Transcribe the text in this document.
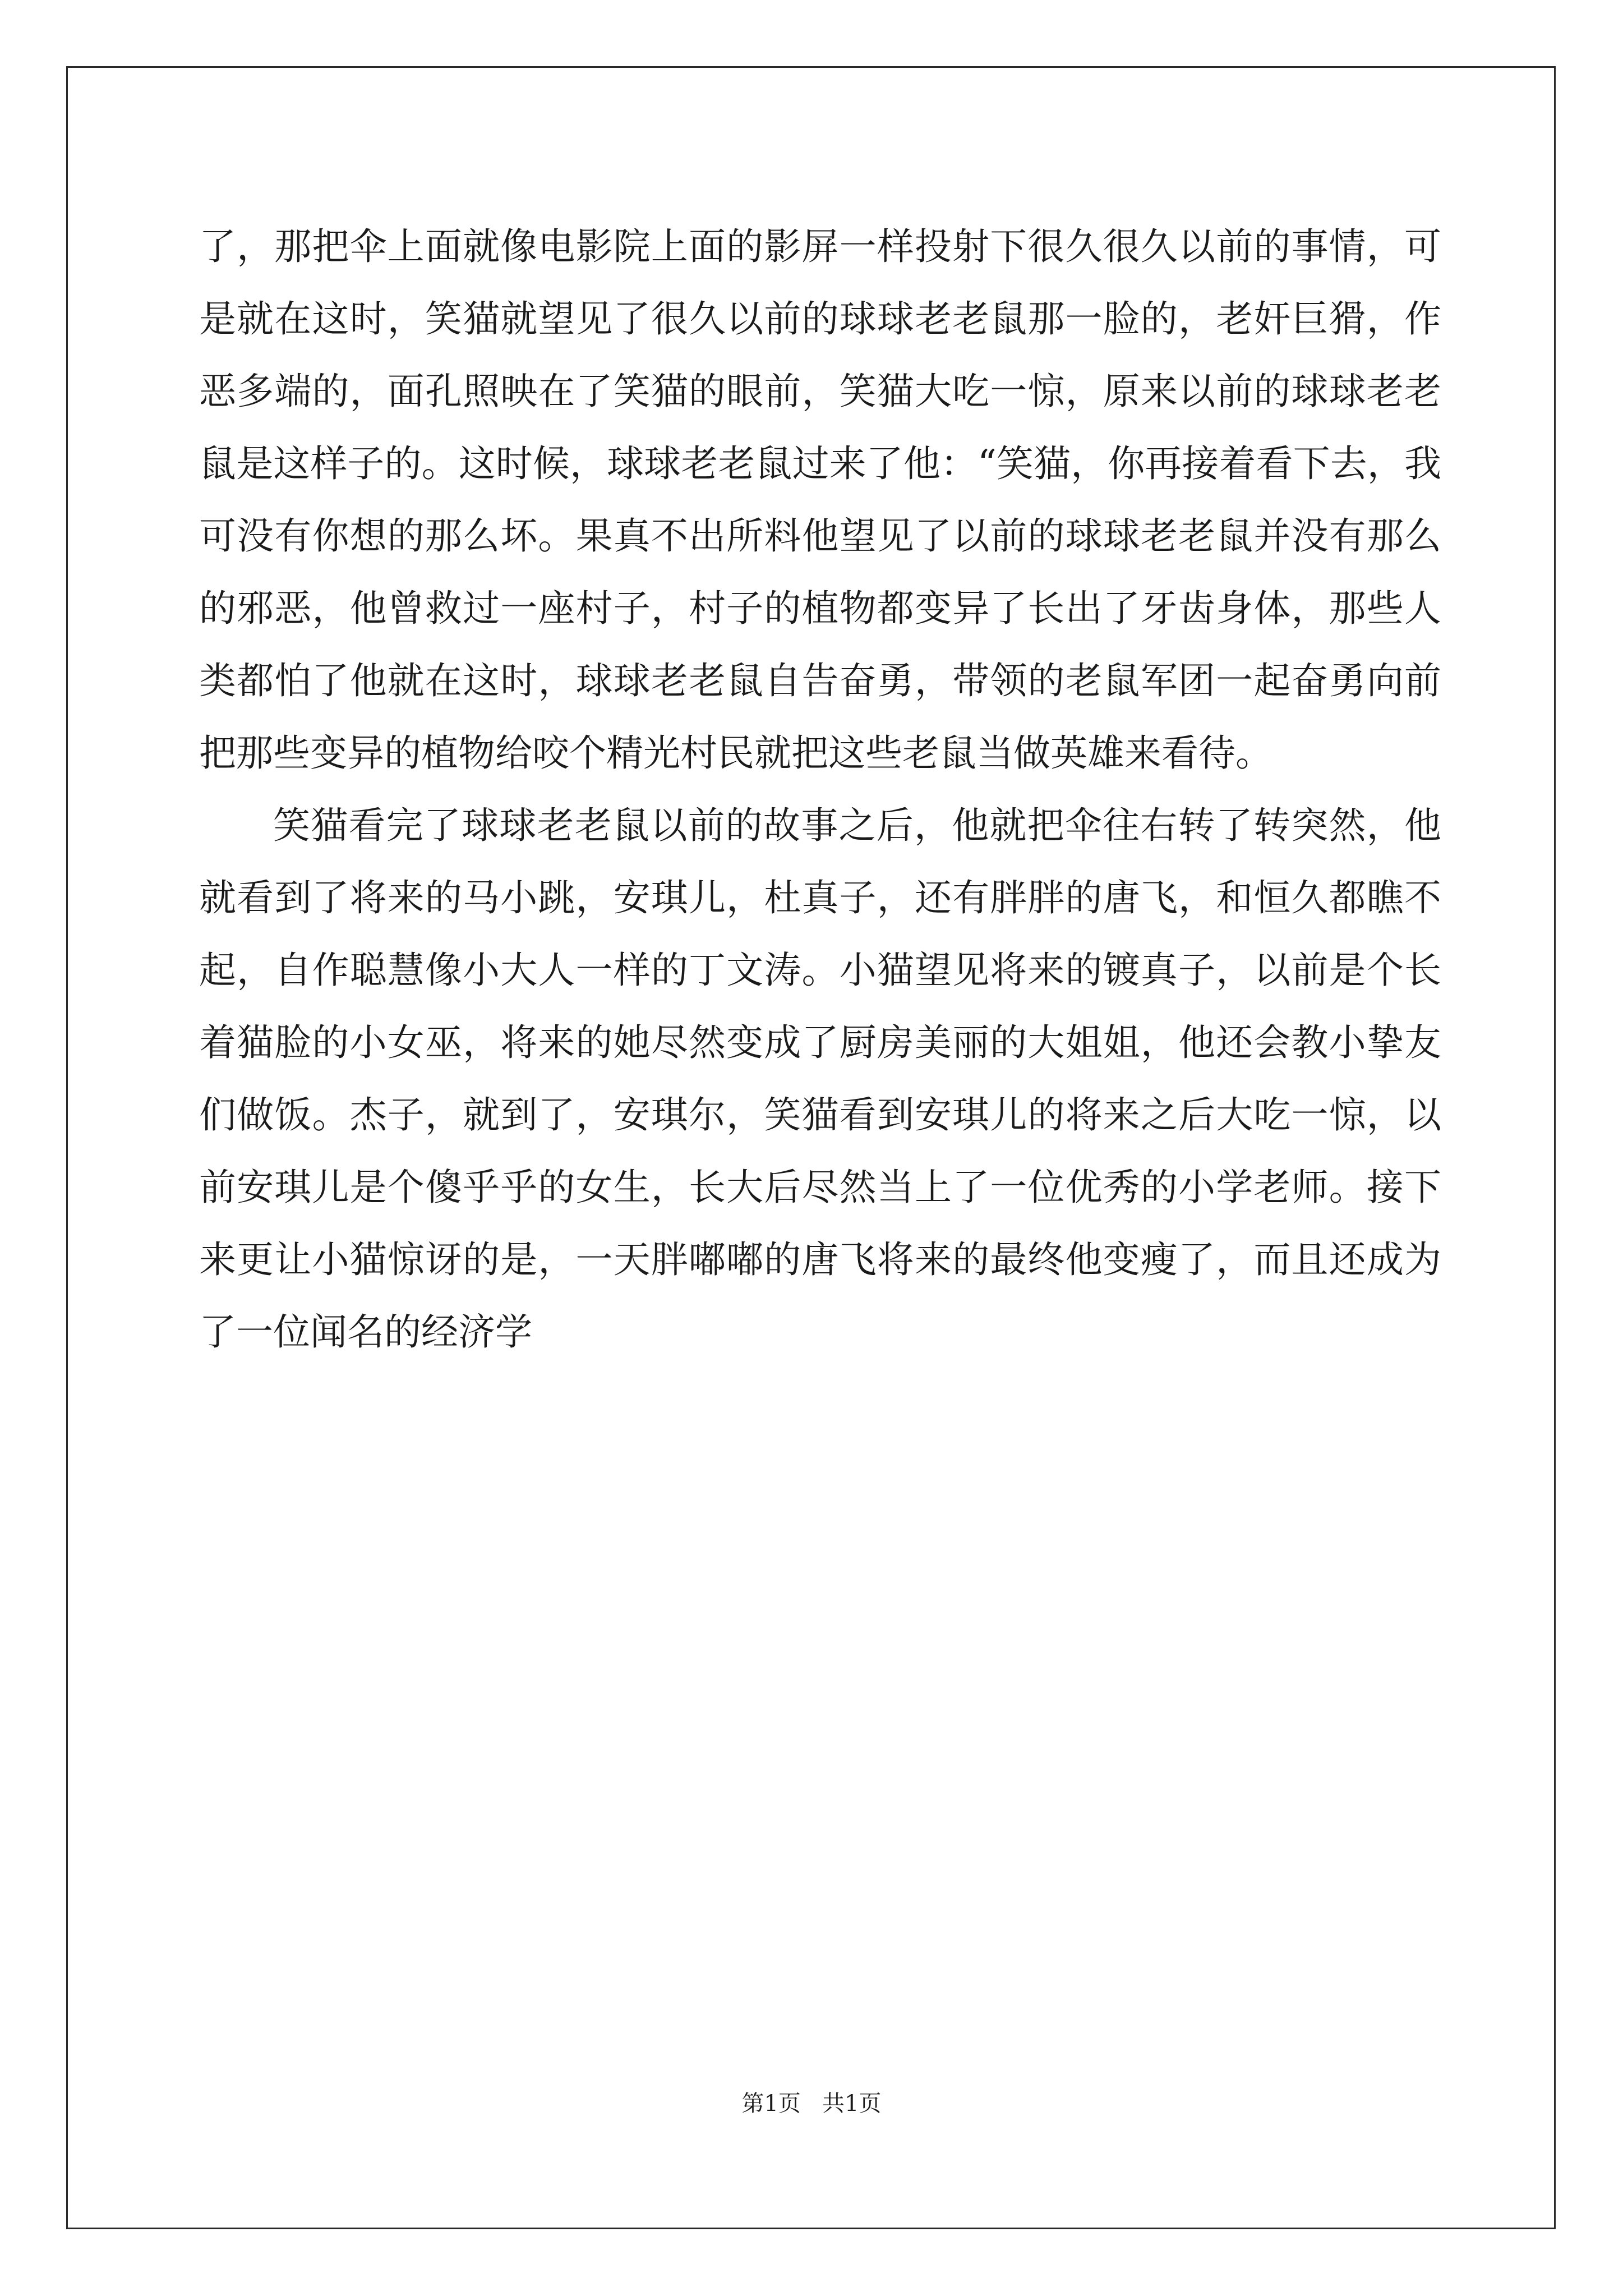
了，那把伞上面就像电影院上面的影屏一样投射下很久很久以前的事情，可是就在这时，笑猫就望见了很久以前的球球老老鼠那一脸的，老奸巨猾，作恶多端的，面孔照映在了笑猫的眼前，笑猫大吃一惊，原来以前的球球老老鼠是这样子的。这时候，球球老老鼠过来了他：“笑猫，你再接着看下去，我可没有你想的那么坏。果真不出所料他望见了以前的球球老老鼠并没有那么的邪恶，他曾救过一座村子，村子的植物都变异了长出了牙齿身体，那些人类都怕了他就在这时，球球老老鼠自告奋勇，带领的老鼠军团一起奋勇向前把那些变异的植物给咬个精光村民就把这些老鼠当做英雄来看待。

笑猫看完了球球老老鼠以前的故事之后，他就把伞往右转了转突然，他就看到了将来的马小跳，安琪儿，杜真子，还有胖胖的唐飞，和恒久都瞧不起，自作聪慧像小大人一样的丁文涛。小猫望见将来的镀真子，以前是个长着猫脸的小女巫，将来的她尽然变成了厨房美丽的大姐姐，他还会教小挚友们做饭。杰子，就到了，安琪尔，笑猫看到安琪儿的将来之后大吃一惊，以前安琪儿是个傻乎乎的女生，长大后尽然当上了一位优秀的小学老师。接下来更让小猫惊讶的是，一天胖嘟嘟的唐飞将来的最终他变瘦了，而且还成为了一位闻名的经济学

第1页   共1页
